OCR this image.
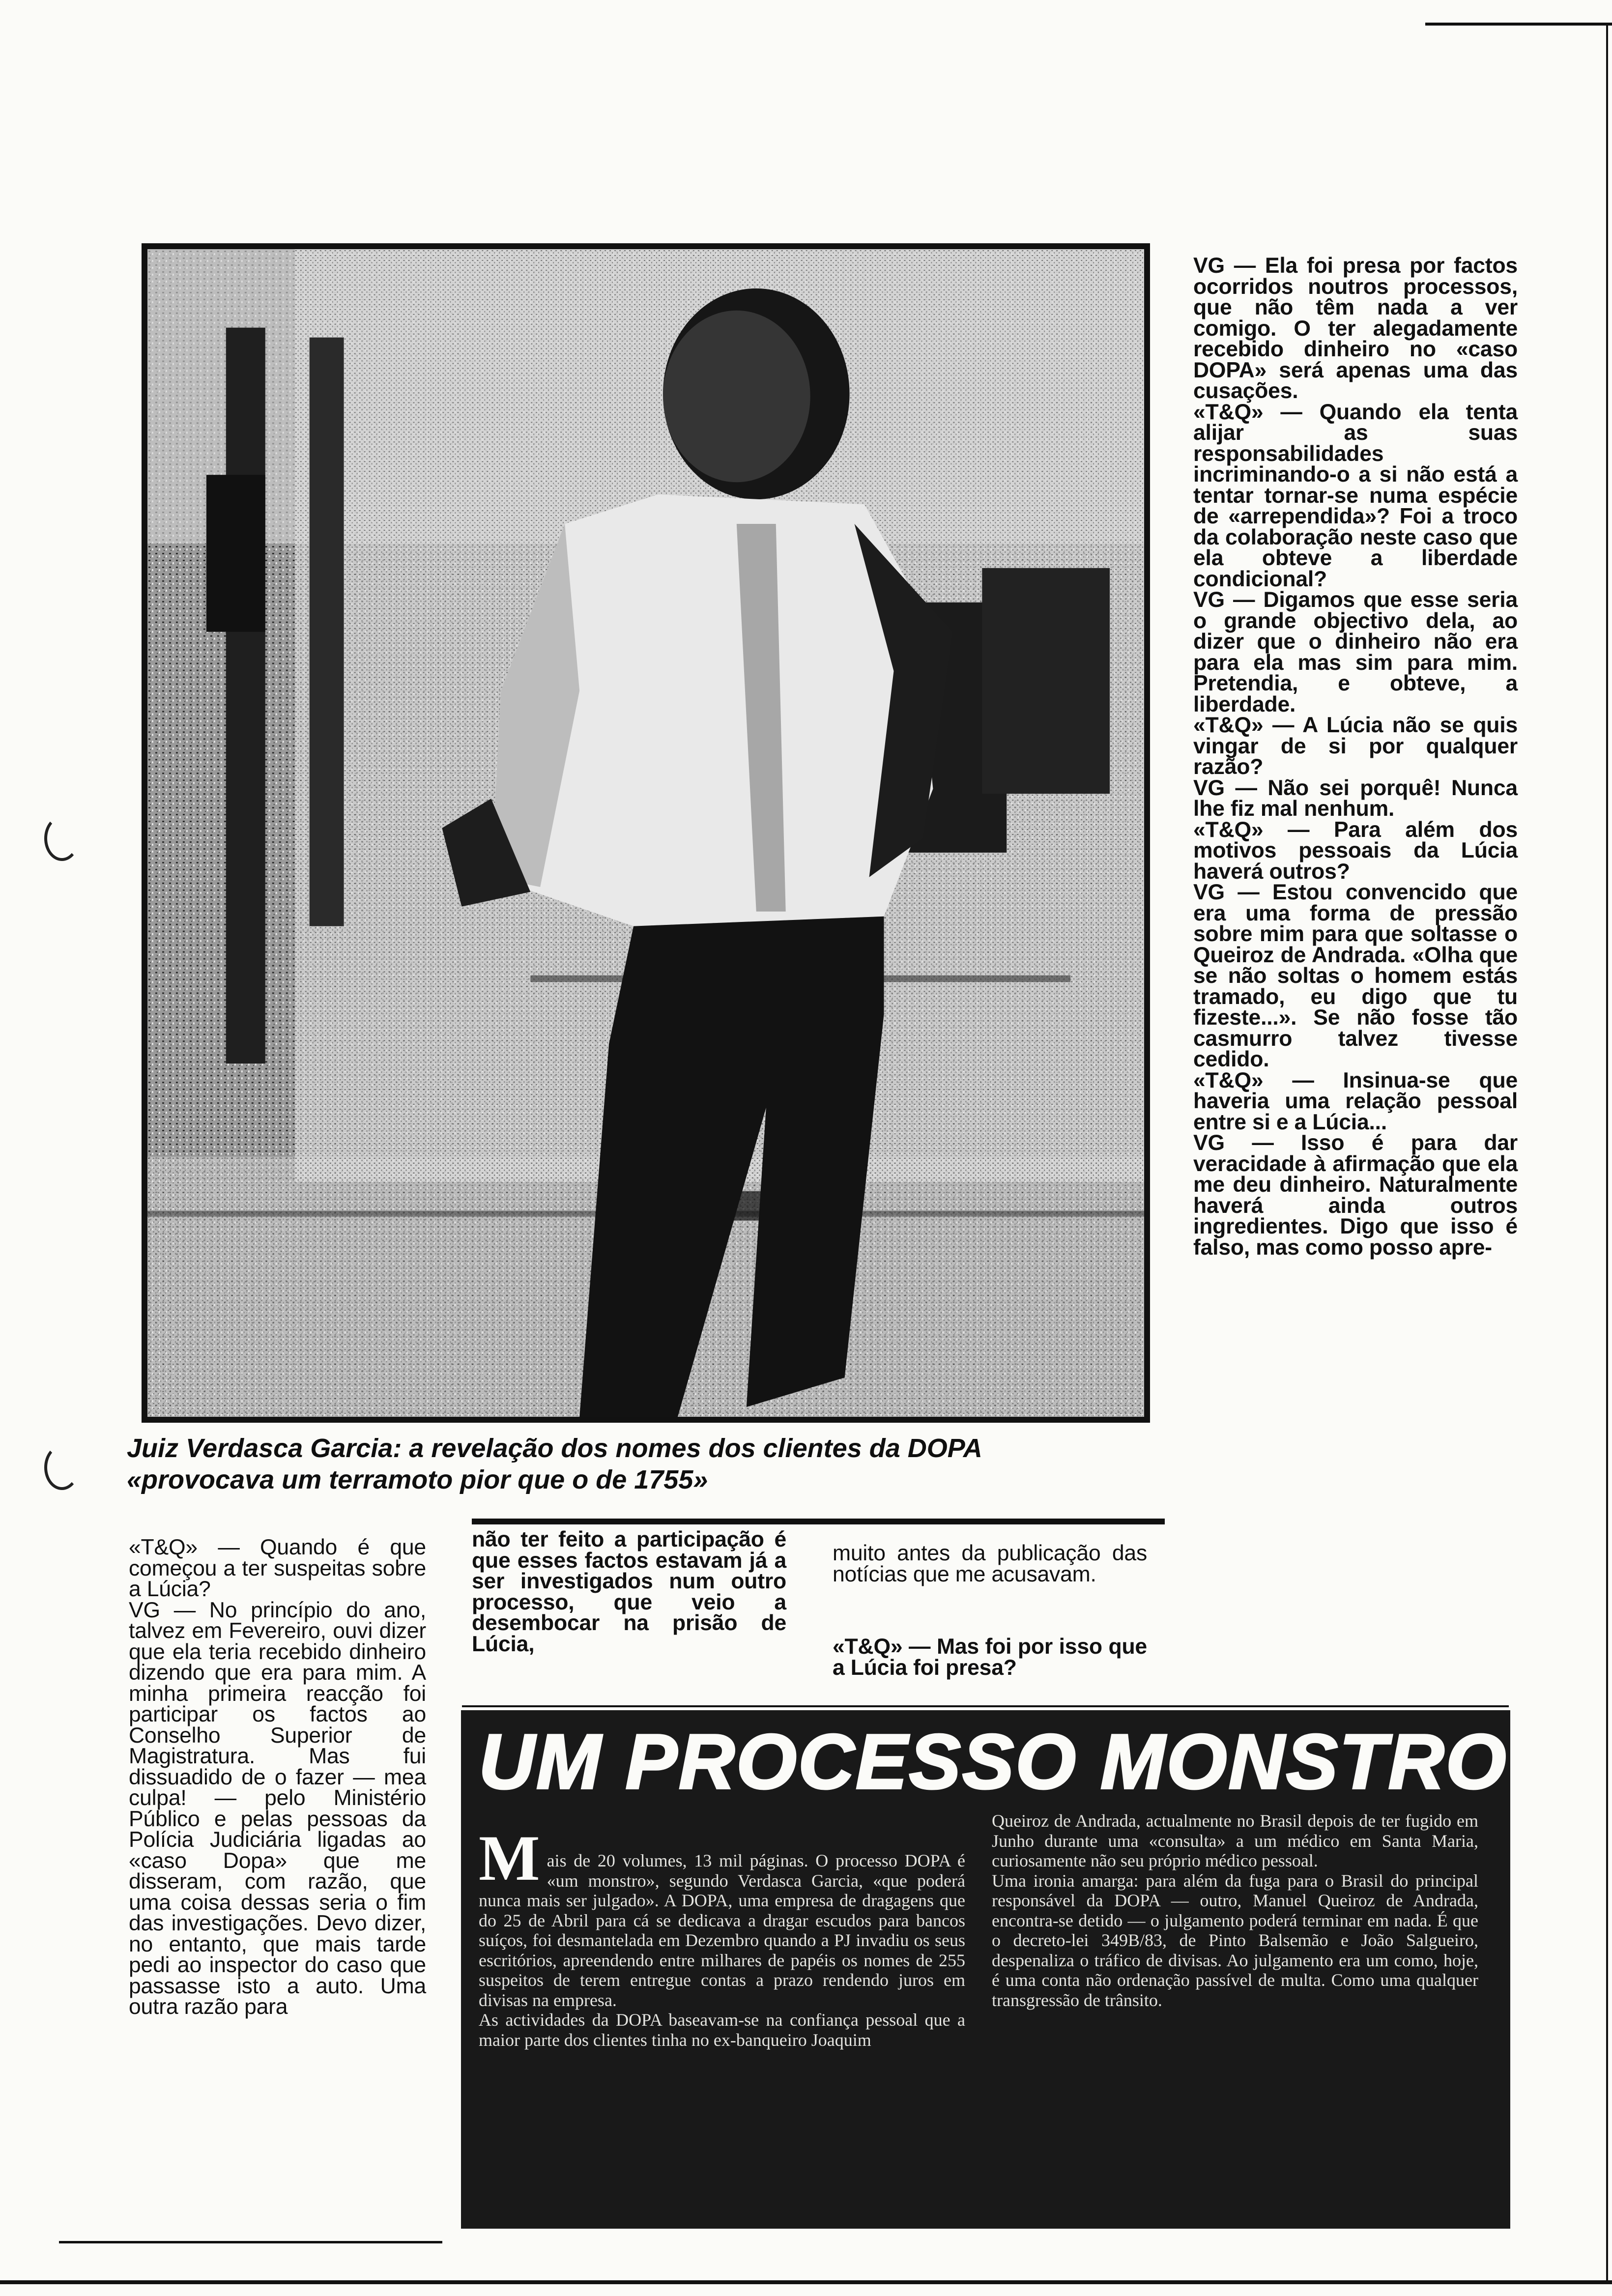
Juiz Verdasca Garcia: a revelação dos nomes dos clientes da DOPA
«provocava um terramoto pior que o de 1755»
VG — Ela foi presa por factos ocorridos noutros processos, que não têm nada a ver comigo. O ter alegadamente recebido dinheiro no «caso DOPA» será apenas uma das cusações.
«T&Q» — Quando ela tenta alijar as suas responsabilidades incriminando-o a si não está a tentar tornar-se numa espécie de «arrependida»? Foi a troco da colaboração neste caso que ela obteve a liberdade condicional?
VG — Digamos que esse seria o grande objectivo dela, ao dizer que o dinheiro não era para ela mas sim para mim. Pretendia, e obteve, a liberdade.
«T&Q» — A Lúcia não se quis vingar de si por qualquer razão?
VG — Não sei porquê! Nunca lhe fiz mal nenhum.
«T&Q» — Para além dos motivos pessoais da Lúcia haverá outros?
VG — Estou convencido que era uma forma de pressão sobre mim para que soltasse o Queiroz de Andrada. «Olha que se não soltas o homem estás tramado, eu digo que tu fizeste...». Se não fosse tão casmurro talvez tivesse cedido.
«T&Q» — Insinua-se que haveria uma relação pessoal entre si e a Lúcia...
VG — Isso é para dar veracidade à afirmação que ela me deu dinheiro. Naturalmente haverá ainda outros ingredientes. Digo que isso é falso, mas como posso apre-
«T&Q» — Quando é que começou a ter suspeitas sobre a Lúcia?
VG — No princípio do ano, talvez em Fevereiro, ouvi dizer que ela teria recebido dinheiro dizendo que era para mim. A minha primeira reacção foi participar os factos ao Conselho Superior de Magistratura. Mas fui dissuadido de o fazer — mea culpa! — pelo Ministério Público e pelas pessoas da Polícia Judiciária ligadas ao «caso Dopa» que me disseram, com razão, que uma coisa dessas seria o fim das investigações. Devo dizer, no entanto, que mais tarde pedi ao inspector do caso que passasse isto a auto. Uma outra razão para
não ter feito a participação é que esses factos estavam já a ser investigados num outro processo, que veio a desembocar na prisão de Lúcia,
muito antes da publicação das notícias que me acusavam.
«T&Q» — Mas foi por isso que a Lúcia foi presa?
UM PROCESSO MONSTRO

M ais de 20 volumes, 13 mil páginas. O processo DOPA é «um monstro», segundo Verdasca Garcia, «que poderá nunca mais ser julgado». A DOPA, uma empresa de dragagens que do 25 de Abril para cá se dedicava a dragar escudos para bancos suíços, foi desmantelada em Dezembro quando a PJ invadiu os seus escritórios, apreendendo entre milhares de papéis os nomes de 255 suspeitos de terem entregue contas a prazo rendendo juros em divisas na empresa.
As actividades da DOPA baseavam-se na confiança pessoal que a maior parte dos clientes tinha no ex-banqueiro Joaquim

Queiroz de Andrada, actualmente no Brasil depois de ter fugido em Junho durante uma «consulta» a um médico em Santa Maria, curiosamente não seu próprio médico pessoal.
Uma ironia amarga: para além da fuga para o Brasil do principal responsável da DOPA — outro, Manuel Queiroz de Andrada, encontra-se detido — o julgamento poderá terminar em nada. É que o decreto-lei 349B/83, de Pinto Balsemão e João Salgueiro, despenaliza o tráfico de divisas. Ao julgamento era um como, hoje, é uma conta não ordenação passível de multa. Como uma qualquer transgressão de trânsito.
